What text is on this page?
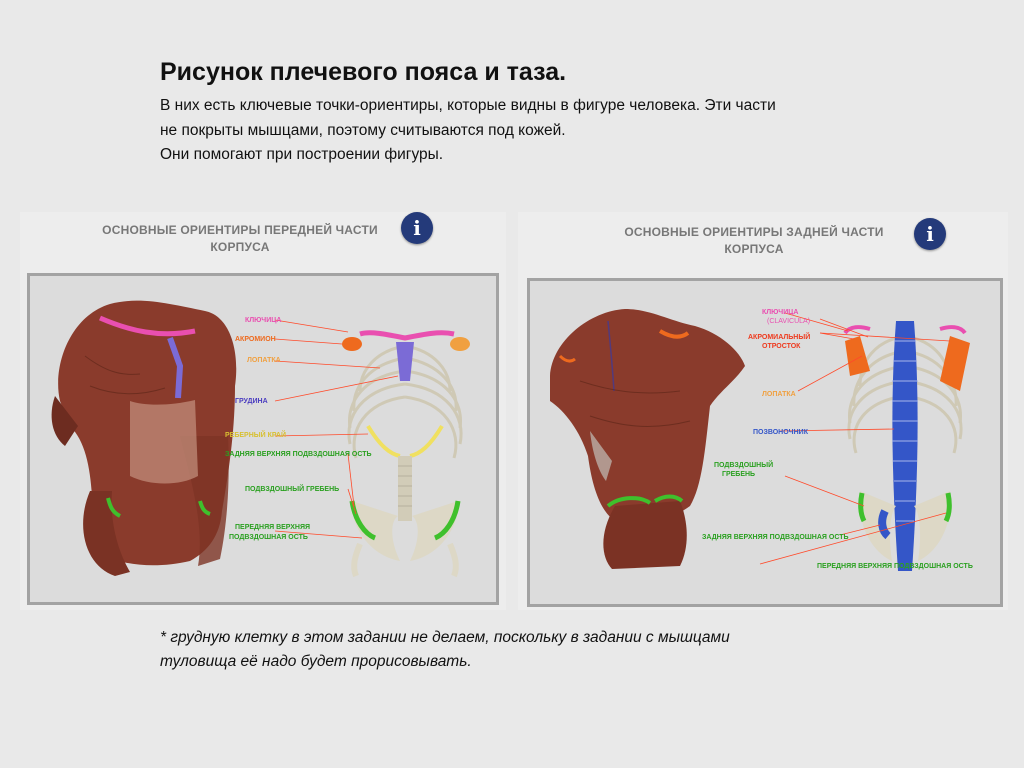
Рисунок плечевого пояса и таза.
В них есть ключевые точки-ориентиры, которые видны в фигуре человека. Эти части
не покрыты мышцами, поэтому считываются под кожей.
Они помогают при построении фигуры.
ОСНОВНЫЕ ОРИЕНТИРЫ ПЕРЕДНЕЙ ЧАСТИ
КОРПУСА
i
КЛЮЧИЦА
АКРОМИОН
ЛОПАТКА
ГРУДИНА
РЕБЕРНЫЙ КРАЙ
ЗАДНЯЯ ВЕРХНЯЯ ПОДВЗДОШНАЯ ОСТЬ
ПОДВЗДОШНЫЙ ГРЕБЕНЬ
ПЕРЕДНЯЯ ВЕРХНЯЯ
ПОДВЗДОШНАЯ ОСТЬ
ОСНОВНЫЕ ОРИЕНТИРЫ ЗАДНЕЙ ЧАСТИ
КОРПУСА
i
КЛЮЧИЦА
(CLAVICULA)
АКРОМИАЛЬНЫЙ
ОТРОСТОК
ЛОПАТКА
ПОЗВОНОЧНИК
ПОДВЗДОШНЫЙ
ГРЕБЕНЬ
ЗАДНЯЯ ВЕРХНЯЯ ПОДВЗДОШНАЯ ОСТЬ
ПЕРЕДНЯЯ ВЕРХНЯЯ ПОДВЗДОШНАЯ ОСТЬ
* грудную клетку в этом задании не делаем, поскольку в задании с мышцами
туловища её надо будет прорисовывать.
